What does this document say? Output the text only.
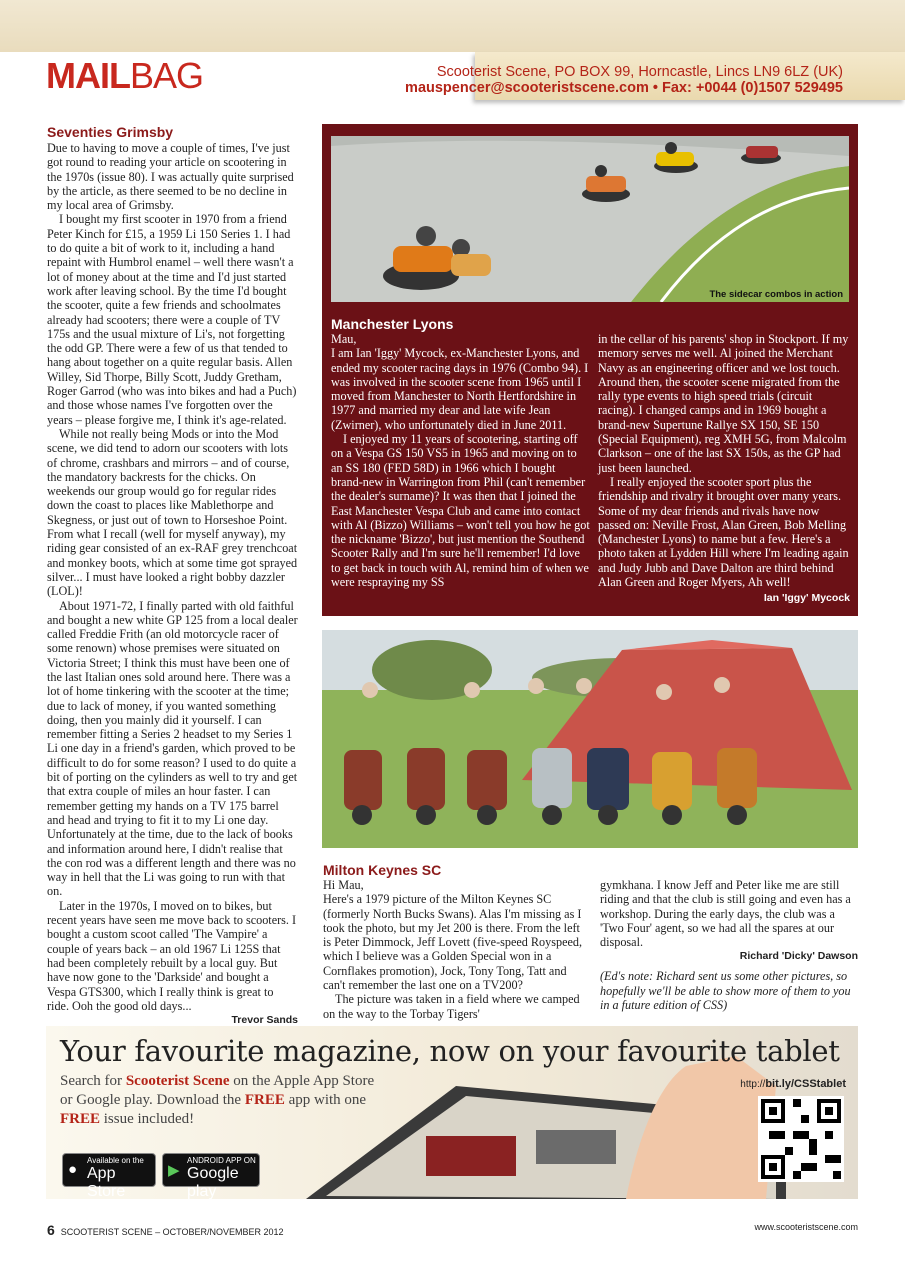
MAILBAG	Scooterist Scene, PO BOX 99, Horncastle, Lincs LN9 6LZ (UK)
mauspencer@scooteristscene.com • Fax: +0044 (0)1507 529495
Seventies Grimsby

Due to having to move a couple of times, I've just got round to reading your article on scootering in the 1970s (issue 80). I was actually quite surprised by the article, as there seemed to be no decline in my local area of Grimsby.

I bought my first scooter in 1970 from a friend Peter Kinch for £15, a 1959 Li 150 Series 1. I had to do quite a bit of work to it, including a hand repaint with Humbrol enamel – well there wasn't a lot of money about at the time and I'd just started work after leaving school. By the time I'd bought the scooter, quite a few friends and schoolmates already had scooters; there were a couple of TV 175s and the usual mixture of Li's, not forgetting the odd GP. There were a few of us that tended to hang about together on a quite regular basis. Allen Willey, Sid Thorpe, Billy Scott, Juddy Gretham, Roger Garrod (who was into bikes and had a Puch) and those whose names I've forgotten over the years – please forgive me, I think it's age-related.

While not really being Mods or into the Mod scene, we did tend to adorn our scooters with lots of chrome, crashbars and mirrors – and of course, the mandatory backrests for the chicks. On weekends our group would go for regular rides down the coast to places like Mablethorpe and Skegness, or just out of town to Horseshoe Point. From what I recall (well for myself anyway), my riding gear consisted of an ex-RAF grey trenchcoat and monkey boots, which at some time got sprayed silver... I must have looked a right bobby dazzler (LOL)!

About 1971-72, I finally parted with old faithful and bought a new white GP 125 from a local dealer called Freddie Frith (an old motorcycle racer of some renown) whose premises were situated on Victoria Street; I think this must have been one of the last Italian ones sold around here. There was a lot of home tinkering with the scooter at the time; due to lack of money, if you wanted something doing, then you mainly did it yourself. I can remember fitting a Series 2 headset to my Series 1 Li one day in a friend's garden, which proved to be difficult to do for some reason? I used to do quite a bit of porting on the cylinders as well to try and get that extra couple of miles an hour faster. I can remember getting my hands on a TV 175 barrel and head and trying to fit it to my Li one day. Unfortunately at the time, due to the lack of books and information around here, I didn't realise that the con rod was a different length and there was no way in hell that the Li was going to run with that on.

Later in the 1970s, I moved on to bikes, but recent years have seen me move back to scooters. I bought a custom scoot called 'The Vampire' a couple of years back – an old 1967 Li 125S that had been completely rebuilt by a local guy. But have now gone to the 'Darkside' and bought a Vespa GTS300, which I really think is great to ride. Ooh the good old days...

Trevor Sands
The sidecar combos in action
Manchester Lyons

Mau,

I am Ian 'Iggy' Mycock, ex-Manchester Lyons, and ended my scooter racing days in 1976 (Combo 94). I was involved in the scooter scene from 1965 until I moved from Manchester to North Hertfordshire in 1977 and married my dear and late wife Jean (Zwirner), who unfortunately died in June 2011.

I enjoyed my 11 years of scootering, starting off on a Vespa GS 150 VS5 in 1965 and moving on to an SS 180 (FED 58D) in 1966 which I bought brand-new in Warrington from Phil (can't remember the dealer's surname)? It was then that I joined the East Manchester Vespa Club and came into contact with Al (Bizzo) Williams – won't tell you how he got the nickname 'Bizzo', but just mention the Southend Scooter Rally and I'm sure he'll remember! I'd love to get back in touch with Al, remind him of when we were respraying my SS

in the cellar of his parents' shop in Stockport. If my memory serves me well. Al joined the Merchant Navy as an engineering officer and we lost touch. Around then, the scooter scene migrated from the rally type events to high speed trials (circuit racing). I changed camps and in 1969 bought a brand-new Supertune Rallye SX 150, SE 150 (Special Equipment), reg XMH 5G, from Malcolm Clarkson – one of the last SX 150s, as the GP had just been launched.

I really enjoyed the scooter sport plus the friendship and rivalry it brought over many years. Some of my dear friends and rivals have now passed on: Neville Frost, Alan Green, Bob Melling (Manchester Lyons) to name but a few. Here's a photo taken at Lydden Hill where I'm leading again and Judy Jubb and Dave Dalton are third behind Alan Green and Roger Myers, Ah well!

Ian 'Iggy' Mycock
Milton Keynes SC

Hi Mau,

Here's a 1979 picture of the Milton Keynes SC (formerly North Bucks Swans). Alas I'm missing as I took the photo, but my Jet 200 is there. From the left is Peter Dimmock, Jeff Lovett (five-speed Royspeed, which I believe was a Golden Special won in a Cornflakes promotion), Jock, Tony Tong, Tatt and can't remember the last one on a TV200?

The picture was taken in a field where we camped on the way to the Torbay Tigers'

gymkhana. I know Jeff and Peter like me are still riding and that the club is still going and even has a workshop. During the early days, the club was a 'Two Four' agent, so we had all the spares at our disposal.

Richard 'Dicky' Dawson

(Ed's note: Richard sent us some other pictures, so hopefully we'll be able to show more of them to you in a future edition of CSS)

Your favourite magazine, now on your favourite tablet
Search for Scooterist Scene on the Apple App Store or Google play. Download the FREE app with one FREE issue included!
●
Available on the
App Store
▶
ANDROID APP ON
Google play
http://bit.ly/CSStablet
6 SCOOTERIST SCENE – OCTOBER/NOVEMBER 2012	www.scooteristscene.com
